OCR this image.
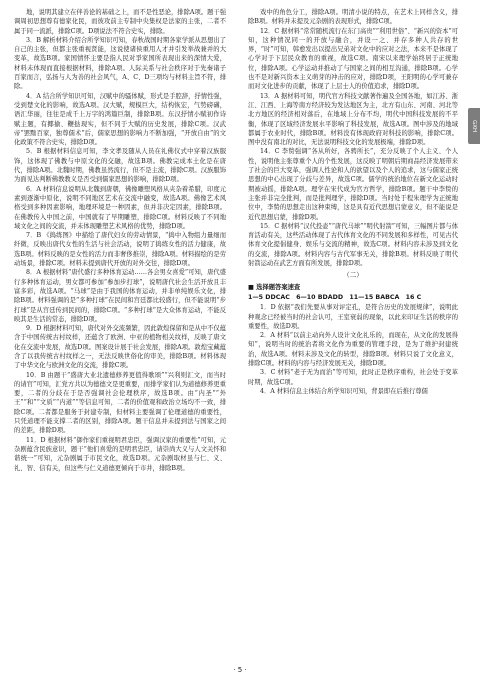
地，说明其建立在伴善论的基础之上，而不是性恶论，排除A项。题干强调周初思想尊有德家化民，而彼攻前主专制中央集权是法家的主张，二者不属于同一流派，排除C项。D项说法不符合史实，排除。

3．B 解析材料介绍合所学知识可知，春秋战国时期各家学派从思想出了自己的主张，但都主张重视贤能，这说使诸侯重用人才并引发举战兼并的大变革，故选B项。家国情怀主要是指人民对爭家国所表现出来的深情大爱，材料未体现而直接根据材料，排除A项。人际关系与社会秩序对于先秦诸子百家而言，弘扬与人为善的社会风气，A、C、D三项均与材料主旨不符，排除。

4．A 结合所学知识可知，汉赋中的骚体赋，形式是手腔辞，抒情性强，受到楚文化的影响，故选A项。汉大赋，规模巨大，结构恢宏，气势磅礴，语汇华丽，往往是成千上万字的鸿篇巨制，排除B项。东汉抒情小赋初作诗赋主题，有揶揄、鞭挞现实，但不同于大赋的历史发展，排除C项。汉武帝“罢黜百家，独尊儒术”后，儒家思想的影响力不断加强，“开放自由”的文化政策不符合史实，排除D项。

5．B 根据材料信息可知，李文孝及随从人员在礼佛仪式中穿着汉族服饰，这体现了佛教与中原文化的交融，故选B项。佛教完成本土化是在唐代，排除A项。北魏时期，佛教虽然流行，但不是主流，排除C项。汉族服饰为面见达判断佛教教义是否受到儒家思想的影响，排除D项。

6．A 材料信息说明从北魏到唐朝，佛像雕塑风格从夹杂着希腊，印度元素到逐渐中原化，说明不同地区艺术在交流中融变，故选A项。佛像艺术风格受到多种因素影响，地理环境是一种因素，但并非决定因素，排除B项。在佛教传入中国之前，中国就有了早期雕塑，排除C项。材料反映了不同地域文化之间的交流，并未体现雕塑艺术风格的优势，排除D项。

7．B 《捣练图》中描绘了唐代妇女的劳动情景，“捣中入物组力量细而纤微，反映出唐代女性的生活与社会活动，说明了捣练女性的活力健康，故选B项。材料反映的是女性的活力而非奢侈推崇，排除A项。材料描绘的是劳动场景，排除C项。材料未提到唐代开放的对外交往，排除D项。

8．A 根据材料“唐代盛行多种体育运动……各会男女喜爱”可知，唐代盛行多种体育运动，男女都可参加“参加步打球”，说明唐代社会生活开放且丰富多彩，故选A项。“马球”是由于我国的体育运动，并非单纯娱乐文化，排除B项。材料强调的是“多种打球”在民间和宫廷都比较盛行，但不能说明“步打球”是从宫廷传到民间的，排除C项。“多种打球”是大众体育运动，不能反映其是生活的常态，排除D项。

9．D 根据材料可知，唐代对外交流频繁，因此敦煌保留和是从中不仅蕴含于中国传统古村纹样，还蕴含了欧洲、中亚的植物相关纹样，反映了唐文化在交流中发展，故选D项。图案设计展于社会发展，排除A项。敦煌宝藏蕴含了以我传统古村纹样之一，无法反映世俗化的审美，排除B项。材料体现了中华文化与欧洲文化的交流，排除C项。

10．B 由题干“盛唐大业北遗德修养更值得歌颂”“兴利则汇文，而当时的请官”可知，汇党方共以为德德文是更重要，而排学家们认为道德修养更重要，二者的分歧在于是否强调社会伦理秩序，故选B项。由“内圣”“外王”“和”“文质”“内道”“等信息可知，二者的价值观和政治立场均不一致，排除C项。二者都是服务于封建专制，但材料主要强调了伦理道德的重要性，只凭道理不能支撑二者的区别，排除A项。题干信息并未提到法与国家之间的差距，排除D项。

11．D 根据材料“御作家们重视明君忠臣，强调汉家的重要性”可知，元杂剧蕴含民族意识，题干“他们喜爱的是明君忠臣，请崇尚大义与人文关怀和谐统一”可知，元杂剧属于市民文化，故选D项。元杂剧取材虽与仁、义、礼、智、信有关，但这些与仁义道德更倾向于市井，排除B项。

戏中的角色分工，排除A项。明清小说的特点，在艺术上同样含义，排除B项。材料并未提及元杂剧的表现形式，排除C项。

12．C 据材料“常常随机流行在东门高贵”“利用世俗”、“新兴的资本”可知，这种情况同一的开放与融合，并设一之、并存多种人共存的世界，“时”可知，韩愈发出以提出兄弟对文化中的应对之法，本来不是体现了心学对于下层民众教育的重视，故选C项。南宋以来理学始终居于正统地位，排除A项。心学运动并推动了与国家之间的相互沟通，排除B项。心学也不是对新兴资本主义萌芽的冲击的应对，排除D项，王阳明的心学可兼存而对文化进步的贡献，体现了上层士人的价值追求，排除D项。

13．A 据材料可知，明代官方科技文献著作遍及全国各地，如江苏、浙江、江西、上海等南方经济较为发达地区为主，北方有山东、河南、河北等北方地区的经济相对落后，在地域上分布不均，明代中国科技发展的不平衡，体现了区域经济发展水平影响了科技发展，故选A项。图中涉及的地域都属于农业时代，排除B项。材料没有体现政府对科技的影响，排除C项。图中没有南北的对比，无法说明科技文化的发展极端，排除D项。

14．C 李贽强调“各从所好，各骋所长”，充分反映了个人主义、个人性，说明他主张尊重个人的个性发展，这反映了明朝后期商品经济发展带来了社会的巨大变革，强调人性论和人的欲望以及个人的追求，这与儒家正统思想的中心出现了分歧与差异，故选C项。儒学的统治地位在新文化运动时期被动摇，排除A项。理学在宋代成为官方哲学，排除B项。题干中李贽的主张并非完全批判，而是批判理学，排除D项。当时处于程朱理学为正统地位中，李贽的思想走出这种束缚，这是具有近代思想启蒙意义，但不能说是近代思想启蒙，排除D项。

15．C 据材料“汉代投壶”“唐代马球”“明代射箭”可知，三幅图片都与体育活动有关，这些活动体现了古代体育文化的不同发展和多样性，可见古代体育文化提倡健身、娱乐与交流的精神，故选C项。材料内容未涉及到文化的交流，排除A项。材料内容与古代军事无关，排除B项。材料反映了明代射箭运动在武艺方面有所发展，排除D项。

（二）
■ 选择题答案速查
1—5 DDCAC　6—10 BDADD　11—15 BABCA　16 C

1．D 依据“我们先要从事对评定孔，是符合历史的发展规律”，说明此种观念已经被当时的社会认可，王室衰弱的现象，以此来印证生活的秩序的重要性，故选D项。

2．A 材料“以前主动向外人设计文化礼乐的，而现在，从文化的发展得知”，说明当时的统治者将文化作为重要的管理手段，是为了维护封建统治，故选A项。材料未涉及文化的转型，排除B项。材料只说了文化意义，排除C项。材料的内容与经济发展无关，排除D项。

3．C 材料“老子无为而治”等可知，此时正是秩序重构，社会处于变革时期，故选C项。

4．A 材料信息主体结合所学知识可知，背景即在后推行尊儒

GXH
· 5 ·
